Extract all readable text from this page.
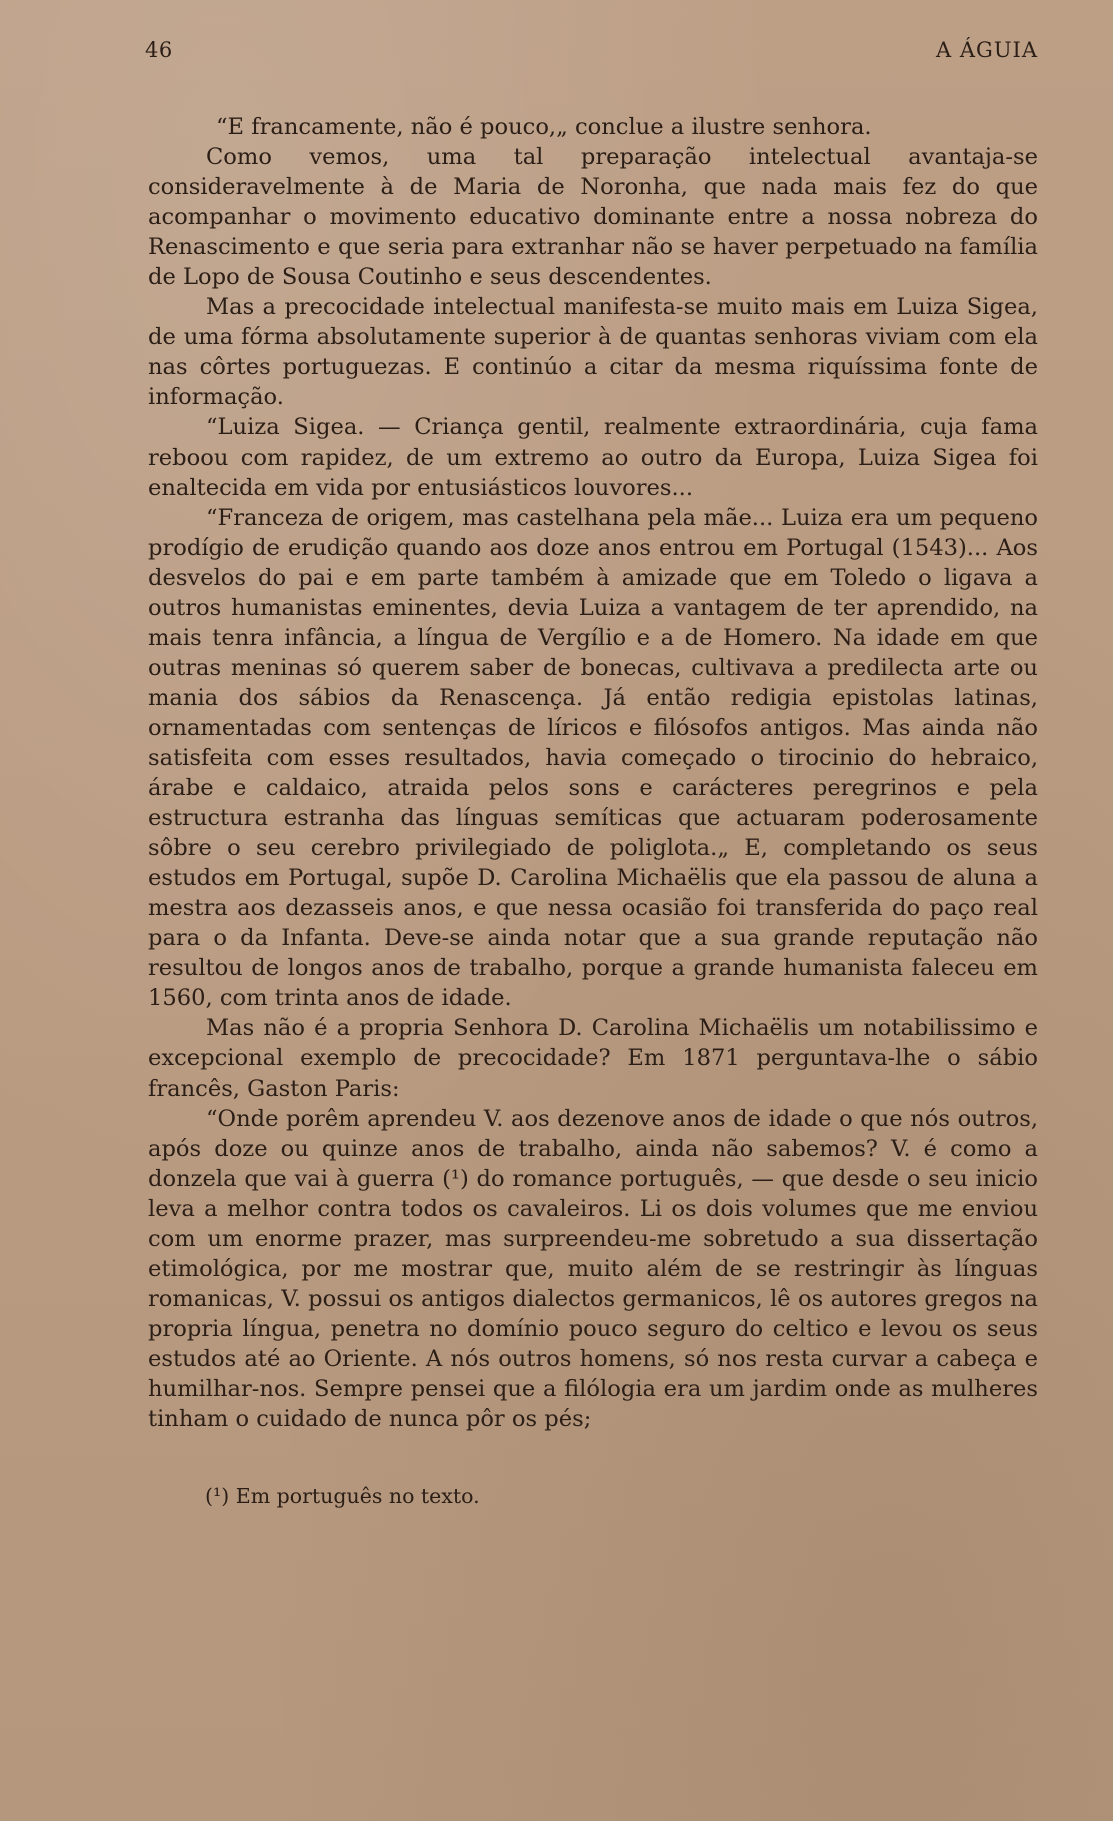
46	A ÁGUIA

“E francamente, não é pouco,„ conclue a ilustre senhora.

Como vemos, uma tal preparação intelectual avantaja-se consideravelmente à de Maria de Noronha, que nada mais fez do que acompanhar o movimento educativo dominante entre a nossa nobreza do Renascimento e que seria para extranhar não se haver perpetuado na família de Lopo de Sousa Coutinho e seus descendentes.

Mas a precocidade intelectual manifesta-se muito mais em Luiza Sigea, de uma fórma absolutamente superior à de quantas senhoras viviam com ela nas côrtes portuguezas. E continúo a citar da mesma riquíssima fonte de informação.

“Luiza Sigea. — Criança gentil, realmente extraordinária, cuja fama reboou com rapidez, de um extremo ao outro da Europa, Luiza Sigea foi enaltecida em vida por entusiásticos louvores...

“Franceza de origem, mas castelhana pela mãe... Luiza era um pequeno prodígio de erudição quando aos doze anos entrou em Portugal (1543)... Aos desvelos do pai e em parte também à amizade que em Toledo o ligava a outros humanistas eminentes, devia Luiza a vantagem de ter aprendido, na mais tenra infância, a língua de Vergílio e a de Homero. Na idade em que outras meninas só querem saber de bonecas, cultivava a predilecta arte ou mania dos sábios da Renascença. Já então redigia epistolas latinas, ornamentadas com sentenças de líricos e filósofos antigos. Mas ainda não satisfeita com esses resultados, havia começado o tirocinio do hebraico, árabe e caldaico, atraida pelos sons e carácteres peregrinos e pela estructura estranha das línguas semíticas que actuaram poderosamente sôbre o seu cerebro privilegiado de poliglota.„ E, completando os seus estudos em Portugal, supõe D. Carolina Michaëlis que ela passou de aluna a mestra aos dezasseis anos, e que nessa ocasião foi transferida do paço real para o da Infanta. Deve-se ainda notar que a sua grande reputação não resultou de longos anos de trabalho, porque a grande humanista faleceu em 1560, com trinta anos de idade.

Mas não é a propria Senhora D. Carolina Michaëlis um notabilissimo e excepcional exemplo de precocidade? Em 1871 perguntava-lhe o sábio francês, Gaston Paris:

“Onde porêm aprendeu V. aos dezenove anos de idade o que nós outros, após doze ou quinze anos de trabalho, ainda não sabemos? V. é como a donzela que vai à guerra (¹) do romance português, — que desde o seu inicio leva a melhor contra todos os cavaleiros. Li os dois volumes que me enviou com um enorme prazer, mas surpreendeu-me sobretudo a sua dissertação etimológica, por me mostrar que, muito além de se restringir às línguas romanicas, V. possui os antigos dialectos germanicos, lê os autores gregos na propria língua, penetra no domínio pouco seguro do celtico e levou os seus estudos até ao Oriente. A nós outros homens, só nos resta curvar a cabeça e humilhar-nos. Sempre pensei que a filólogia era um jardim onde as mulheres tinham o cuidado de nunca pôr os pés;

(¹) Em português no texto.
